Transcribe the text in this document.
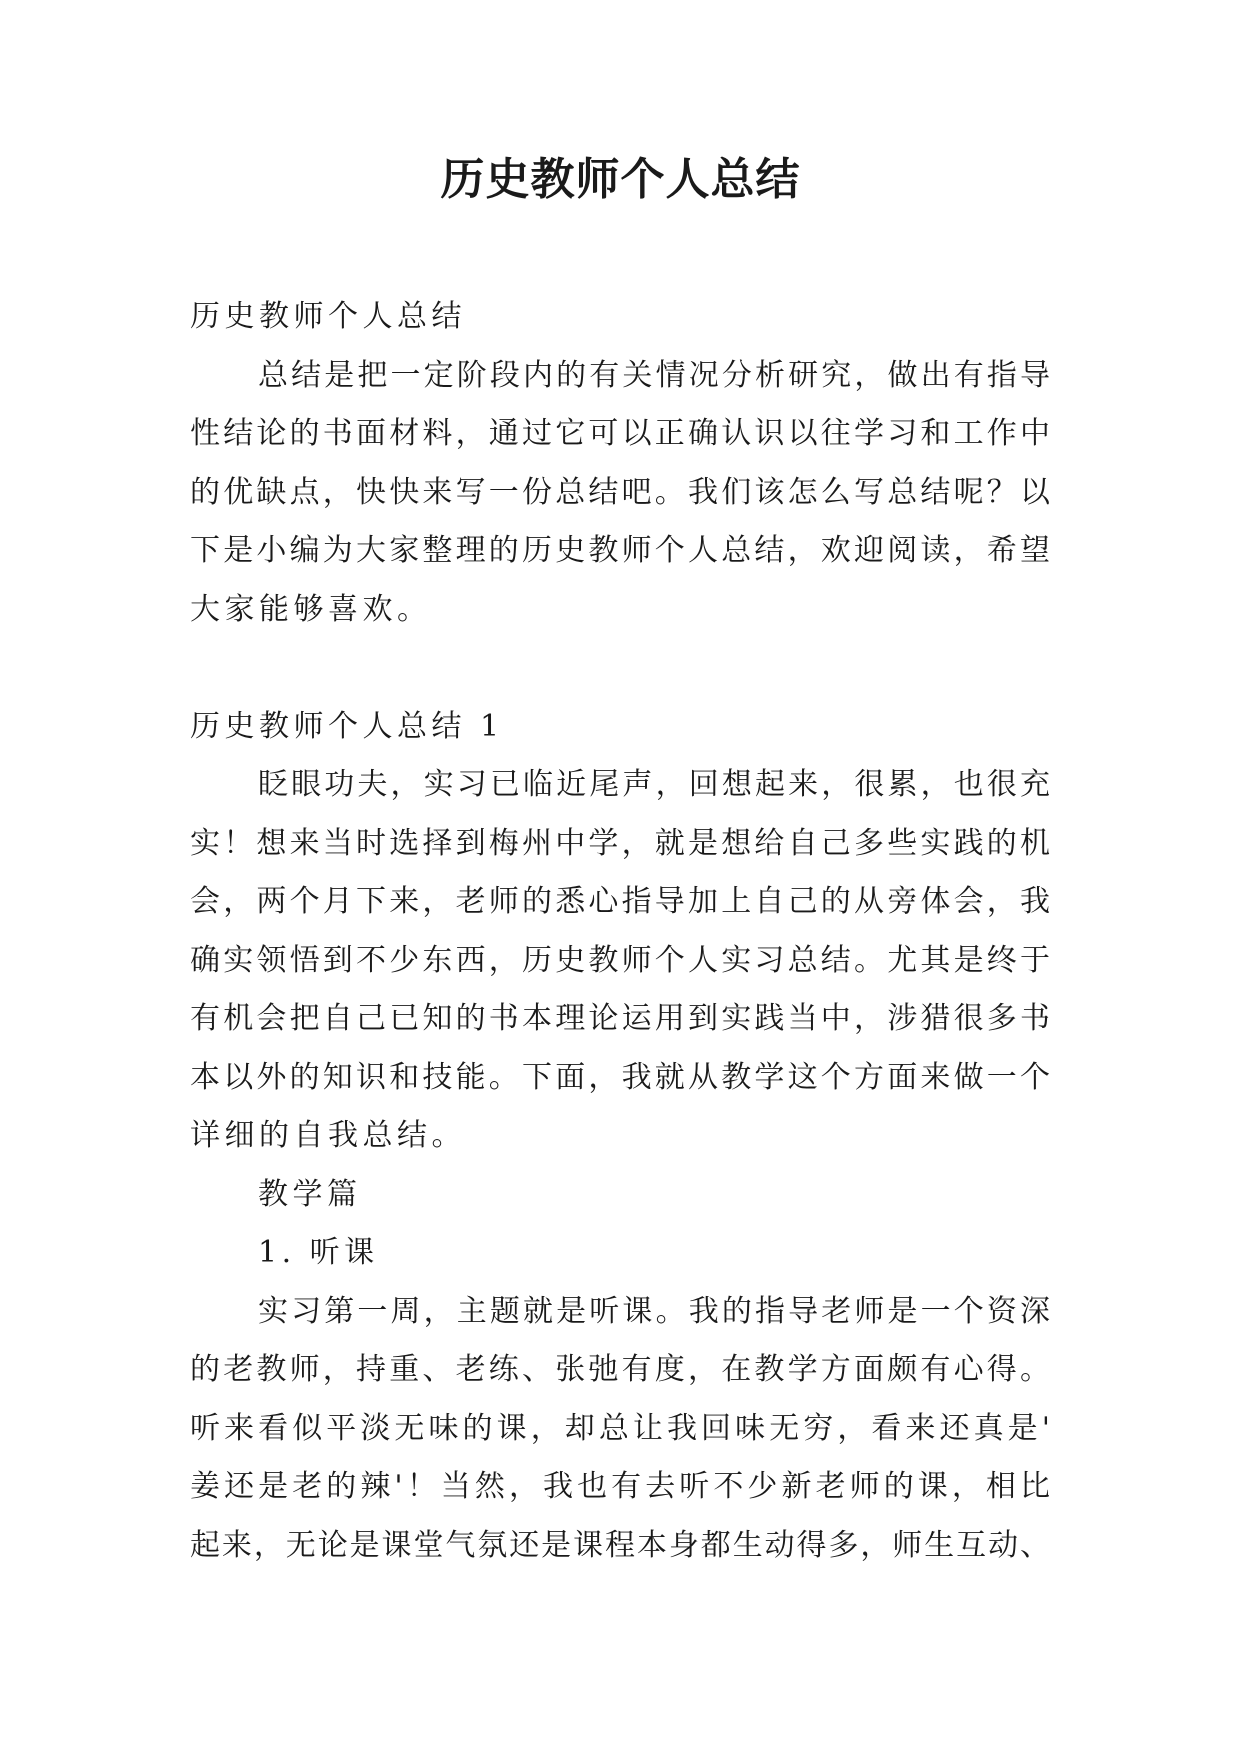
历史教师个人总结
历史教师个人总结
总结是把一定阶段内的有关情况分析研究，做出有指导
性结论的书面材料，通过它可以正确认识以往学习和工作中
的优缺点，快快来写一份总结吧。我们该怎么写总结呢？以
下是小编为大家整理的历史教师个人总结，欢迎阅读，希望
大家能够喜欢。
历史教师个人总结 1
眨眼功夫，实习已临近尾声，回想起来，很累，也很充
实！想来当时选择到梅州中学，就是想给自己多些实践的机
会，两个月下来，老师的悉心指导加上自己的从旁体会，我
确实领悟到不少东西，历史教师个人实习总结。尤其是终于
有机会把自己已知的书本理论运用到实践当中，涉猎很多书
本以外的知识和技能。下面，我就从教学这个方面来做一个
详细的自我总结。
教学篇
1. 听课
实习第一周，主题就是听课。我的指导老师是一个资深
的老教师，持重、老练、张弛有度，在教学方面颇有心得。
听来看似平淡无味的课，却总让我回味无穷，看来还真是'
姜还是老的辣'！当然，我也有去听不少新老师的课，相比
起来，无论是课堂气氛还是课程本身都生动得多，师生互动、
